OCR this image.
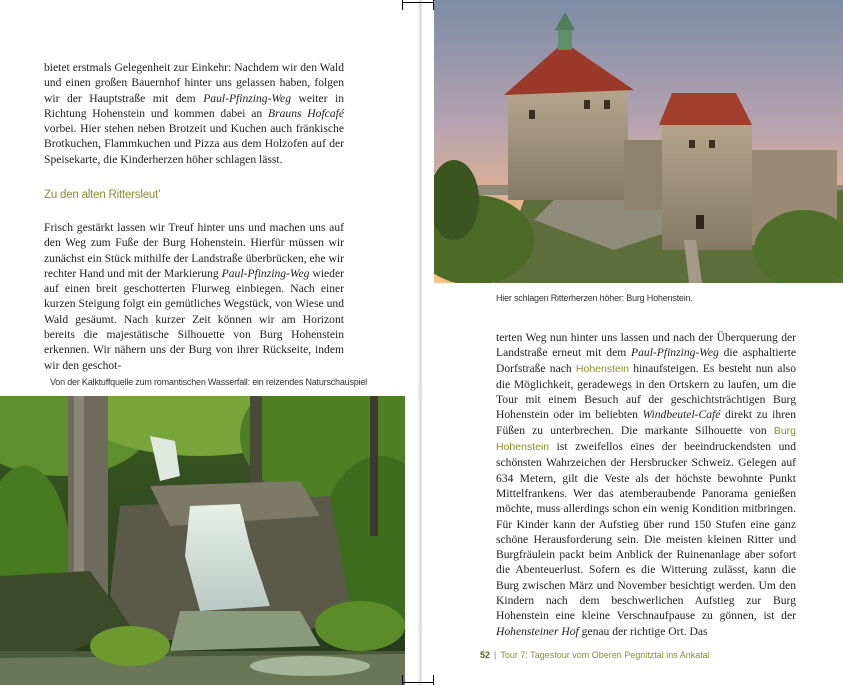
bietet erstmals Gelegenheit zur Einkehr: Nachdem wir den Wald und einen großen Bauernhof hinter uns gelassen haben, folgen wir der Hauptstraße mit dem Paul-Pfinzing-Weg weiter in Richtung Hohenstein und kommen dabei an Brauns Hofcafé vorbei. Hier stehen neben Brotzeit und Kuchen auch fränkische Brotkuchen, Flammkuchen und Pizza aus dem Holzofen auf der Speisekarte, die Kinderherzen höher schlagen lässt.

Zu den alten Rittersleut'

Frisch gestärkt lassen wir Treuf hinter uns und machen uns auf den Weg zum Fuße der Burg Hohenstein. Hierfür müssen wir zunächst ein Stück mithilfe der Landstraße überbrücken, ehe wir rechter Hand und mit der Markierung Paul-Pfinzing-Weg wieder auf einen breit geschotterten Flurweg einbiegen. Nach einer kurzen Steigung folgt ein gemütliches Wegstück, von Wiese und Wald gesäumt. Nach kurzer Zeit können wir am Horizont bereits die majestätische Silhouette von Burg Hohenstein erkennen. Wir nähern uns der Burg von ihrer Rückseite, indem wir den geschot-

Von der Kalktuffquelle zum romantischen Wasserfall: ein reizendes Naturschauspiel

Hier schlagen Ritterherzen höher: Burg Hohenstein.

terten Weg nun hinter uns lassen und nach der Überquerung der Landstraße erneut mit dem Paul-Pfinzing-Weg die asphaltierte Dorfstraße nach Hohenstein hinaufsteigen. Es besteht nun also die Möglichkeit, geradewegs in den Ortskern zu laufen, um die Tour mit einem Besuch auf der geschichtsträchtigen Burg Hohenstein oder im beliebten Windbeutel-Café direkt zu ihren Füßen zu unterbrechen. Die markante Silhouette von Burg Hohenstein ist zweifellos eines der beeindruckendsten und schönsten Wahrzeichen der Hersbrucker Schweiz. Gelegen auf 634 Metern, gilt die Veste als der höchste bewohnte Punkt Mittelfrankens. Wer das atemberaubende Panorama genießen möchte, muss allerdings schon ein wenig Kondition mitbringen. Für Kinder kann der Aufstieg über rund 150 Stufen eine ganz schöne Herausforderung sein. Die meisten kleinen Ritter und Burgfräulein packt beim Anblick der Ruinenanlage aber sofort die Abenteuerlust. Sofern es die Witterung zulässt, kann die Burg zwischen März und November besichtigt werden. Um den Kindern nach dem beschwerlichen Aufstieg zur Burg Hohenstein eine kleine Verschnaufpause zu gönnen, ist der Hohensteiner Hof genau der richtige Ort. Das

52 | Tour 7: Tagestour vom Oberen Pegnitztal ins Ankatal
